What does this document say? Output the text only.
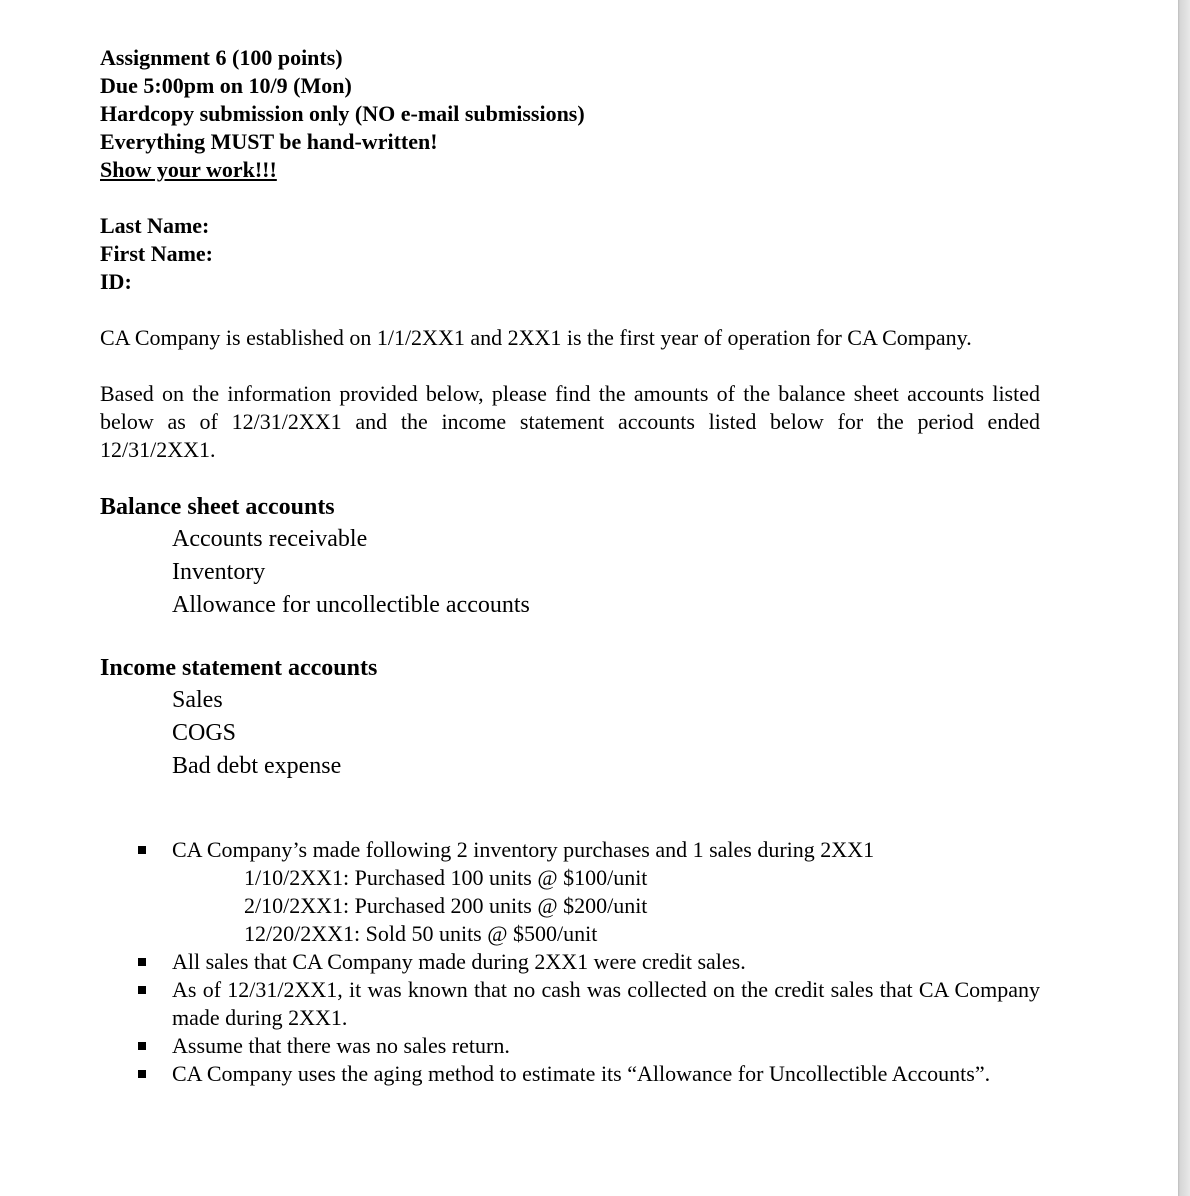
Assignment 6 (100 points)
Due 5:00pm on 10/9 (Mon)
Hardcopy submission only (NO e-mail submissions)
Everything MUST be hand-written!
Show your work!!!
Last Name:
First Name:
ID:

CA Company is established on 1/1/2XX1 and 2XX1 is the first year of operation for CA Company.

Based on the information provided below, please find the amounts of the balance sheet accounts listed below as of 12/31/2XX1 and the income statement accounts listed below for the period ended 12/31/2XX1.

Balance sheet accounts

Accounts receivable
Inventory
Allowance for uncollectible accounts

Income statement accounts

Sales
COGS
Bad debt expense
CA Company’s made following 2 inventory purchases and 1 sales during 2XX1
1/10/2XX1: Purchased 100 units @ $100/unit
2/10/2XX1: Purchased 200 units @ $200/unit
12/20/2XX1: Sold 50 units @ $500/unit
All sales that CA Company made during 2XX1 were credit sales.
As of 12/31/2XX1, it was known that no cash was collected on the credit sales that CA Company made during 2XX1.
Assume that there was no sales return.
CA Company uses the aging method to estimate its “Allowance for Uncollectible Accounts”.
